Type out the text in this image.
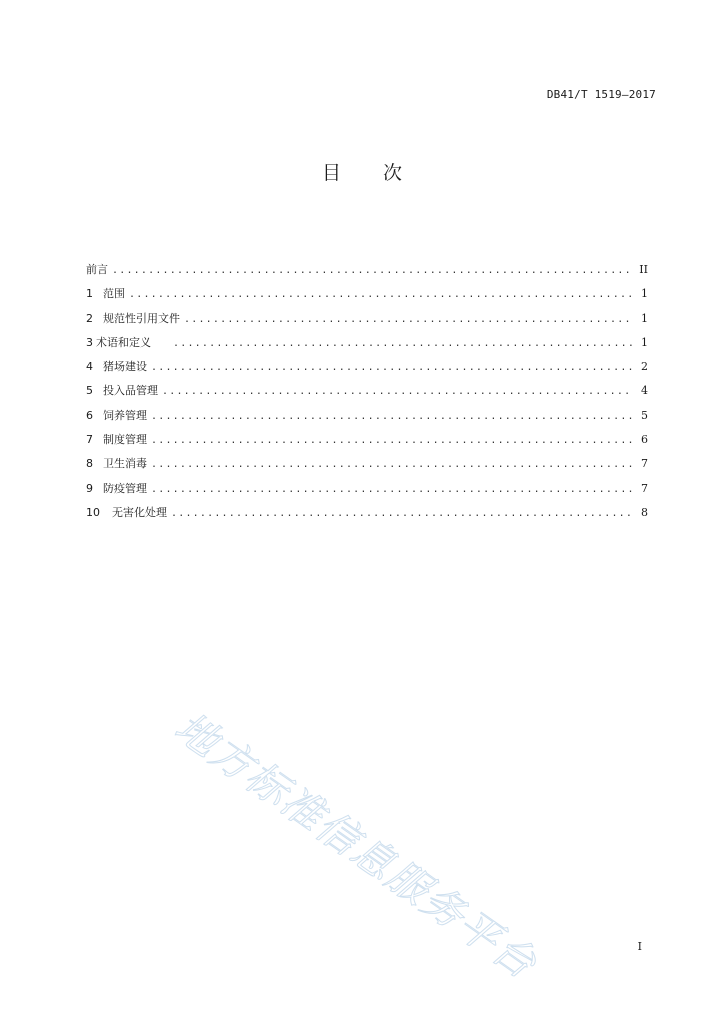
DB41/T 1519—2017
目 次
前言 .....	II
1 范围 .....	1
2 规范性引用文件 .....	1
3 术语和定义 .....	1
4 猪场建设 .....	2
5 投入品管理 .....	4
6 饲养管理 .....	5
7 制度管理 .....	6
8 卫生消毒 .....	7
9 防疫管理 .....	7
10 无害化处理 .....	8
地方标准信息服务平台	I
